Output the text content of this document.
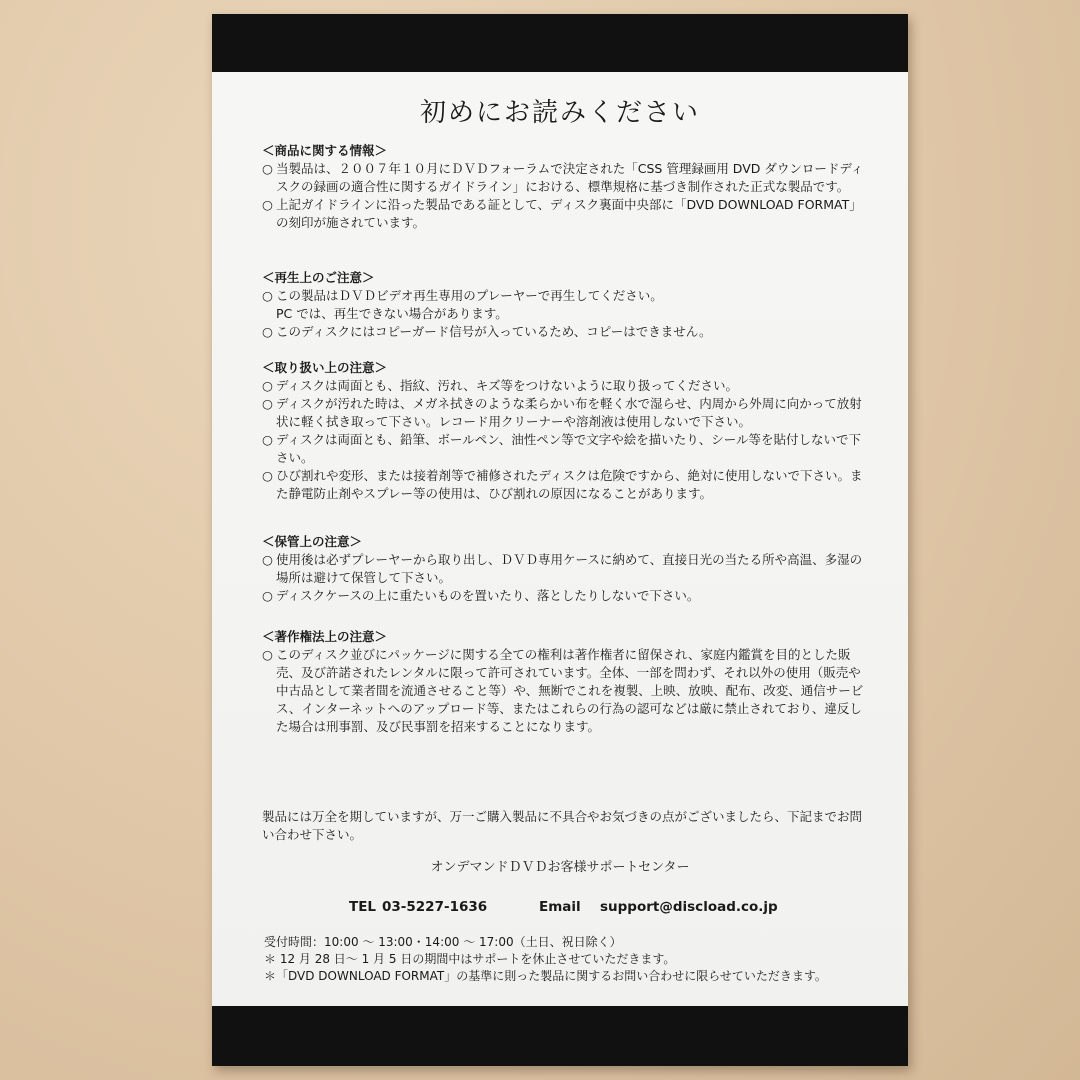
初めにお読みください
＜商品に関する情報＞
○ 当製品は、２００７年１０月にＤＶＤフォーラムで決定された「CSS 管理録画用 DVD ダウンロードディスクの録画の適合性に関するガイドライン」における、標準規格に基づき制作された正式な製品です。
○ 上記ガイドラインに沿った製品である証として、ディスク裏面中央部に「DVD DOWNLOAD FORMAT」の刻印が施されています。
＜再生上のご注意＞
○ この製品はＤＶＤビデオ再生専用のプレーヤーで再生してください。
PC では、再生できない場合があります。
○ このディスクにはコピーガード信号が入っているため、コピーはできません。
＜取り扱い上の注意＞
○ ディスクは両面とも、指紋、汚れ、キズ等をつけないように取り扱ってください。
○ ディスクが汚れた時は、メガネ拭きのような柔らかい布を軽く水で湿らせ、内周から外周に向かって放射状に軽く拭き取って下さい。レコード用クリーナーや溶剤液は使用しないで下さい。
○ ディスクは両面とも、鉛筆、ボールペン、油性ペン等で文字や絵を描いたり、シール等を貼付しないで下さい。
○ ひび割れや変形、または接着剤等で補修されたディスクは危険ですから、絶対に使用しないで下さい。また静電防止剤やスプレー等の使用は、ひび割れの原因になることがあります。
＜保管上の注意＞
○ 使用後は必ずプレーヤーから取り出し、ＤＶＤ専用ケースに納めて、直接日光の当たる所や高温、多湿の場所は避けて保管して下さい。
○ ディスクケースの上に重たいものを置いたり、落としたりしないで下さい。
＜著作権法上の注意＞
○ このディスク並びにパッケージに関する全ての権利は著作権者に留保され、家庭内鑑賞を目的とした販売、及び許諾されたレンタルに限って許可されています。全体、一部を問わず、それ以外の使用（販売や中古品として業者間を流通させること等）や、無断でこれを複製、上映、放映、配布、改変、通信サービス、インターネットへのアップロード等、またはこれらの行為の認可などは厳に禁止されており、違反した場合は刑事罰、及び民事罰を招来することになります。
製品には万全を期していますが、万一ご購入製品に不具合やお気づきの点がございましたら、下記までお問い合わせ下さい。
オンデマンドＤＶＤお客様サポートセンター
TEL 03-5227-1636	Email support@discload.co.jp
受付時間：10:00 ～ 13:00・14:00 ～ 17:00（土日、祝日除く）
＊ 12 月 28 日～ 1 月 5 日の期間中はサポートを休止させていただきます。
＊「DVD DOWNLOAD FORMAT」の基準に則った製品に関するお問い合わせに限らせていただきます。
